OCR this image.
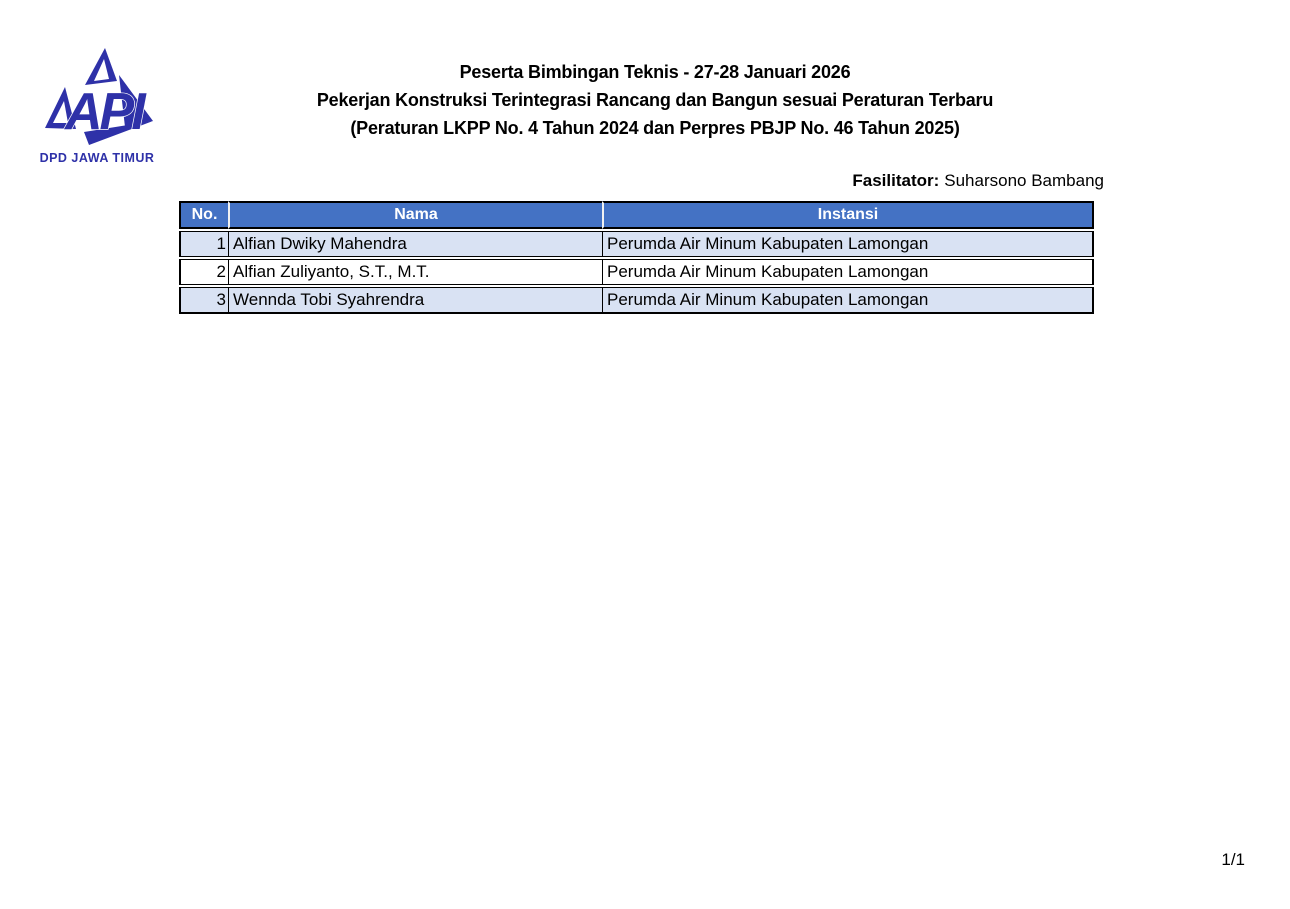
API
DPD JAWA TIMUR
Peserta Bimbingan Teknis - 27-28 Januari 2026
Pekerjan Konstruksi Terintegrasi Rancang dan Bangun sesuai Peraturan Terbaru
(Peraturan LKPP No. 4 Tahun 2024 dan Perpres PBJP No. 46 Tahun 2025)
Fasilitator: Suharsono Bambang
No.	Nama	Instansi
1	Alfian Dwiky Mahendra	Perumda Air Minum Kabupaten Lamongan
2	Alfian Zuliyanto, S.T., M.T.	Perumda Air Minum Kabupaten Lamongan
3	Wennda Tobi Syahrendra	Perumda Air Minum Kabupaten Lamongan
1/1
